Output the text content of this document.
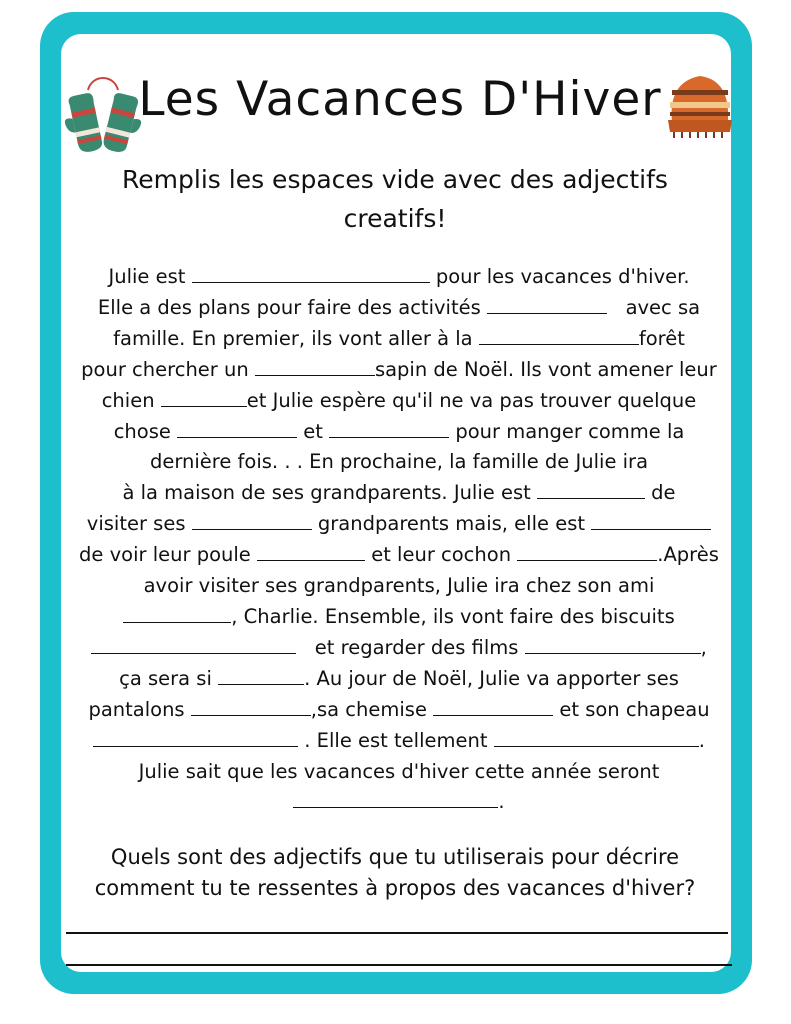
Les Vacances D'Hiver
Remplis les espaces vide avec des adjectifs creatifs!
Julie est	pour les vacances d'hiver.
Elle a des plans pour faire des activités	avec sa
famille. En premier, ils vont aller à la	forêt
pour chercher un	sapin de Noël. Ils vont amener leur
chien	et Julie espère qu'il ne va pas trouver quelque
chose	et	pour manger comme la
dernière fois. . . En prochaine, la famille de Julie ira
à la maison de ses grandparents. Julie est	de
visiter ses	grandparents mais, elle est
de voir leur poule	et leur cochon	.Après
avoir visiter ses grandparents, Julie ira chez son ami
, Charlie. Ensemble, ils vont faire des biscuits
et regarder des films	,
ça sera si	. Au jour de Noël, Julie va apporter ses
pantalons	,sa chemise	et son chapeau
. Elle est tellement	.
Julie sait que les vacances d'hiver cette année seront
.
Quels sont des adjectifs que tu utiliserais pour décrire
comment tu te ressentes à propos des vacances d'hiver?
